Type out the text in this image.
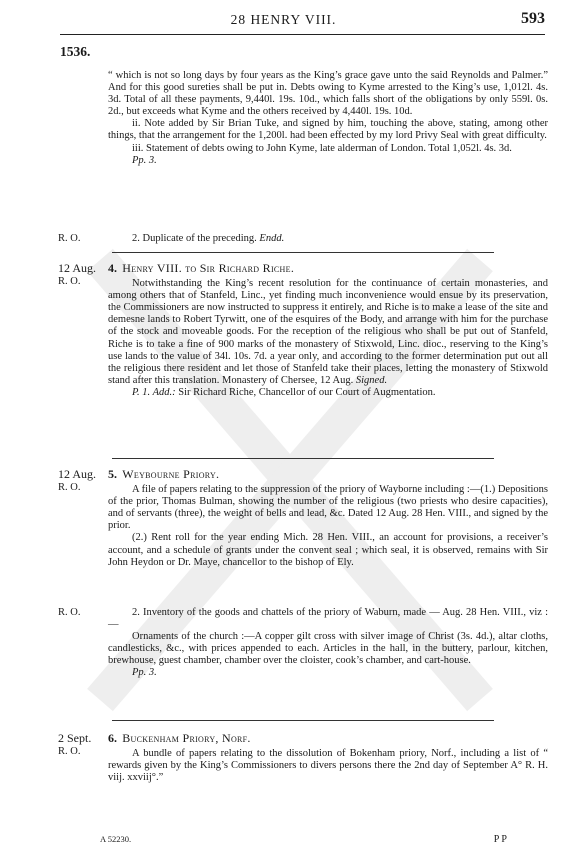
28 HENRY VIII.	593
1536.

“ which is not so long days by four years as the King’s grace gave unto the said Reynolds and Palmer.” And for this good sureties shall be put in. Debts owing to Kyme arrested to the King’s use, 1,012l. 4s. 3d. Total of all these payments, 9,440l. 19s. 10d., which falls short of the obligations by only 559l. 0s. 2d., but exceeds what Kyme and the others received by 4,440l. 19s. 10d.

ii. Note added by Sir Brian Tuke, and signed by him, touching the above, stating, among other things, that the arrangement for the 1,200l. had been effected by my lord Privy Seal with great difficulty.

iii. Statement of debts owing to John Kyme, late alderman of London. Total 1,052l. 4s. 3d.

Pp. 3.

R. O.	2. Duplicate of the preceding. Endd.

12 Aug.
R. O.

4. Henry VIII. to Sir Richard Riche.

Notwithstanding the King’s recent resolution for the continuance of certain monasteries, and among others that of Stanfeld, Linc., yet finding much inconvenience would ensue by its preservation, the Commissioners are now instructed to suppress it entirely, and Riche is to make a lease of the site and demesne lands to Robert Tyrwitt, one of the esquires of the Body, and arrange with him for the purchase of the stock and moveable goods. For the reception of the religious who shall be put out of Stanfeld, Riche is to take a fine of 900 marks of the monastery of Stixwold, Linc. dioc., reserving to the King’s use lands to the value of 34l. 10s. 7d. a year only, and according to the former determination put out all the religious there resident and let those of Stanfeld take their places, letting the monastery of Stixwold stand after this translation. Monastery of Chersee, 12 Aug. Signed.

P. 1. Add.: Sir Richard Riche, Chancellor of our Court of Augmentation.

12 Aug.
R. O.

5. Weybourne Priory.

A file of papers relating to the suppression of the priory of Wayborne including :—(1.) Depositions of the prior, Thomas Bulman, showing the number of the religious (two priests who desire capacities), and of servants (three), the weight of bells and lead, &c. Dated 12 Aug. 28 Hen. VIII., and signed by the prior.

(2.) Rent roll for the year ending Mich. 28 Hen. VIII., an account for provisions, a receiver’s account, and a schedule of grants under the convent seal ; which seal, it is observed, remains with Sir John Heydon or Dr. Maye, chancellor to the bishop of Ely.

R. O.	2. Inventory of the goods and chattels of the priory of Waburn, made — Aug. 28 Hen. VIII., viz :—

Ornaments of the church :—A copper gilt cross with silver image of Christ (3s. 4d.), altar cloths, candlesticks, &c., with prices appended to each. Articles in the hall, in the buttery, parlour, kitchen, brewhouse, guest chamber, chamber over the cloister, cook’s chamber, and cart-house.

Pp. 3.

2 Sept.
R. O.

6. Buckenham Priory, Norf.

A bundle of papers relating to the dissolution of Bokenham priory, Norf., including a list of “ rewards given by the King’s Commissioners to divers persons there the 2nd day of September A° R. H. viij. xxviij°.”

A 52230.	P P
